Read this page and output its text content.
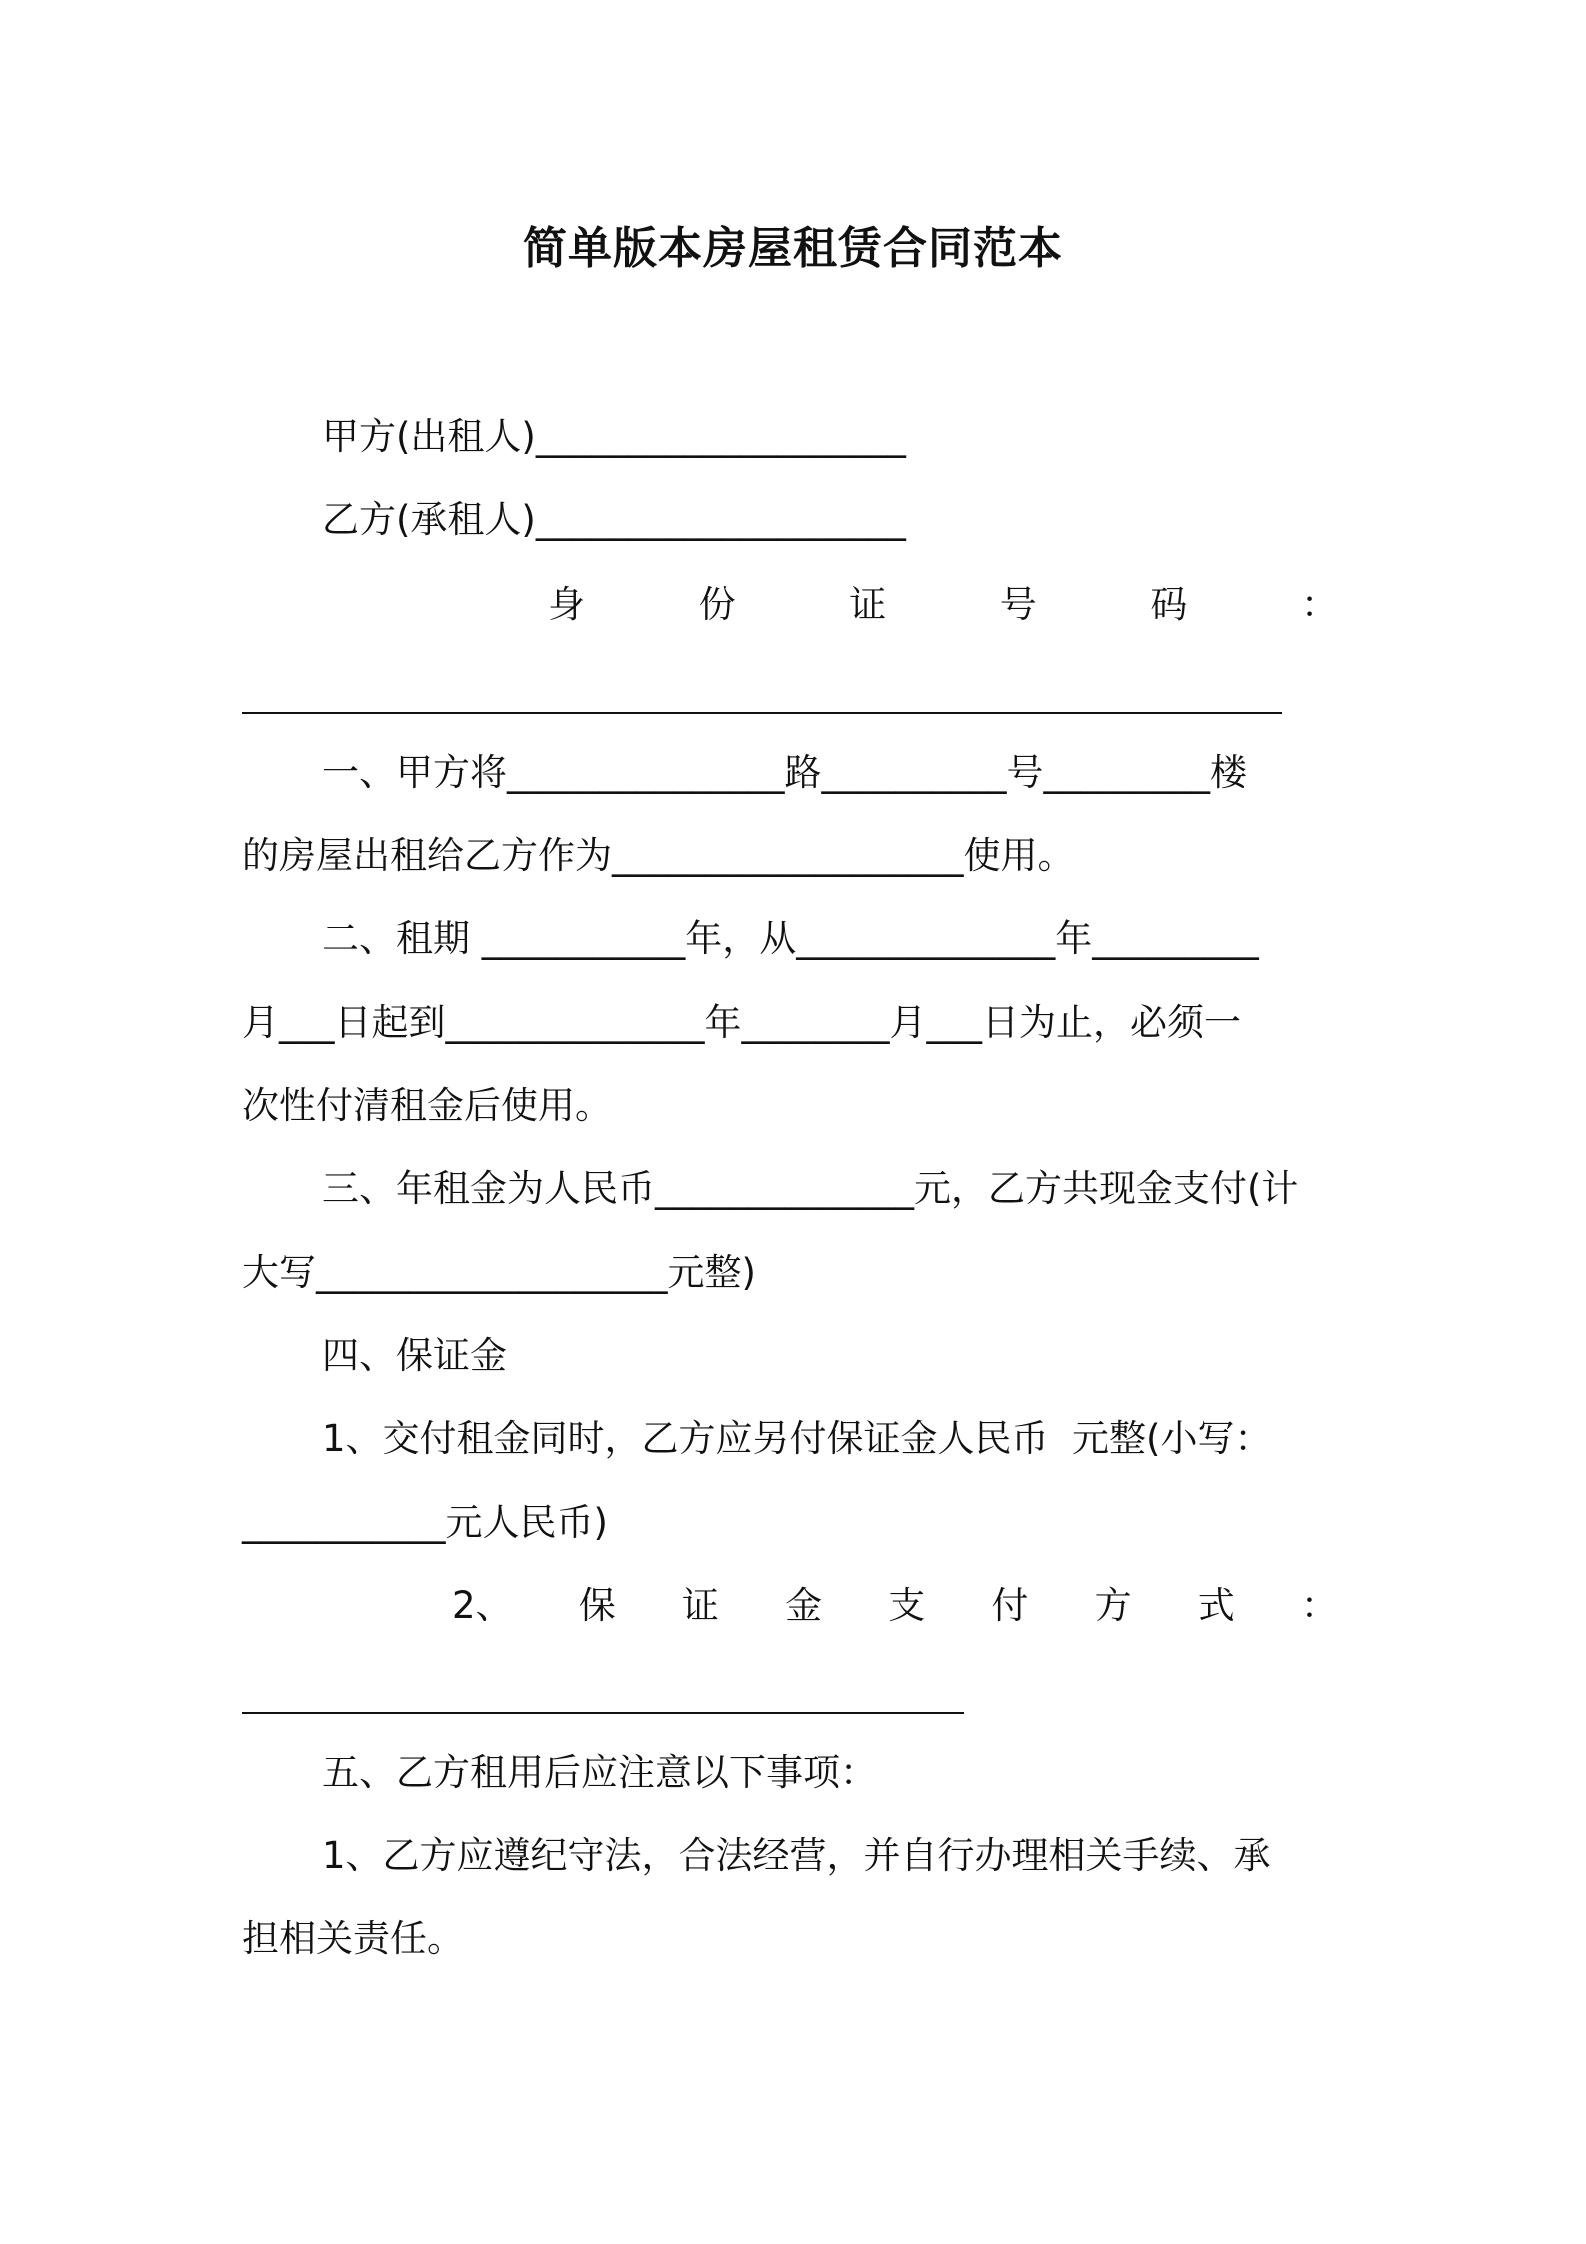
简单版本房屋租赁合同范本
甲方(出租人)____________________
乙方(承租人)____________________
身	份	证	号	码	：
一、甲方将_______________路__________号_________楼
的房屋出租给乙方作为___________________使用。
二、租期 ___________年，从______________年_________
月___日起到______________年________月___日为止，必须一
次性付清租金后使用。
三、年租金为人民币______________元，乙方共现金支付(计
大写___________________元整)
四、保证金
1、交付租金同时，乙方应另付保证金人民币  元整(小写：
___________元人民币)
2、 保 证 金 支 付 方 式 ：
五、乙方租用后应注意以下事项：
1、乙方应遵纪守法，合法经营，并自行办理相关手续、承
担相关责任。
